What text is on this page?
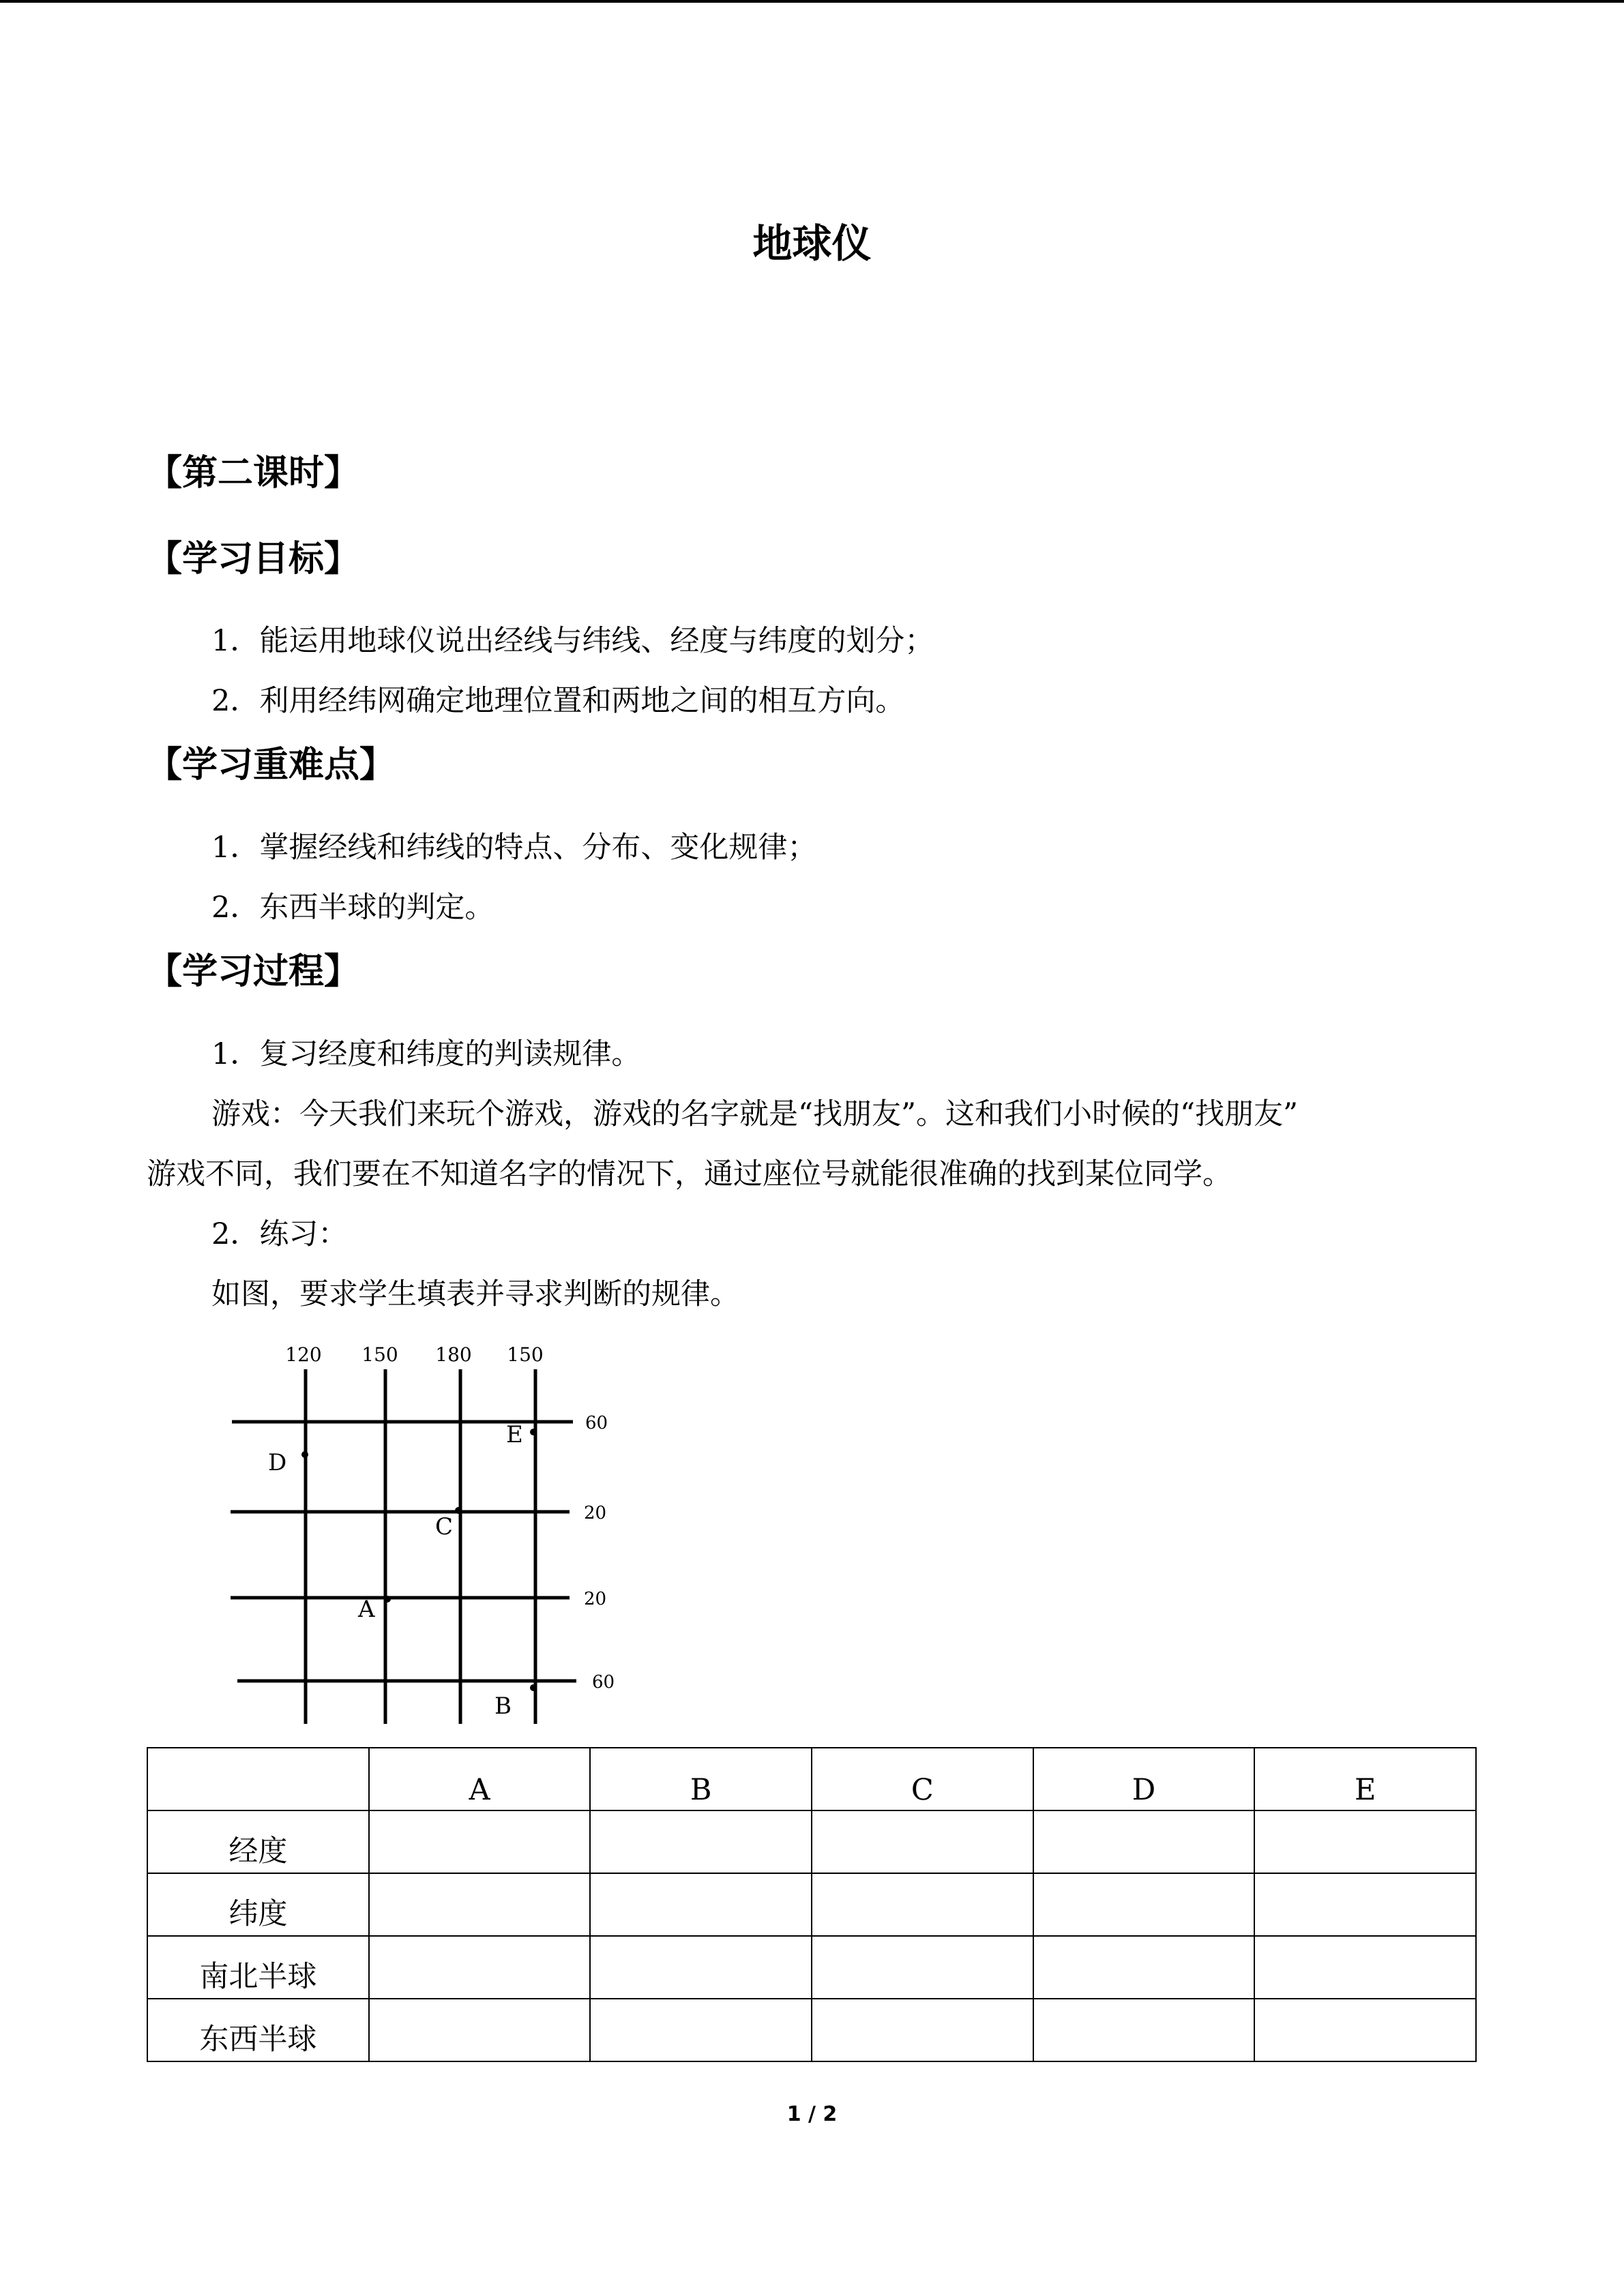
地球仪
【第二课时】
【学习目标】
1．能运用地球仪说出经线与纬线、经度与纬度的划分；
2．利用经纬网确定地理位置和两地之间的相互方向。
【学习重难点】
1．掌握经线和纬线的特点、分布、变化规律；
2．东西半球的判定。
【学习过程】
1．复习经度和纬度的判读规律。
游戏：今天我们来玩个游戏，游戏的名字就是“找朋友”。这和我们小时候的“找朋友”
游戏不同，我们要在不知道名字的情况下，通过座位号就能很准确的找到某位同学。
2．练习：
如图，要求学生填表并寻求判断的规律。
120 150 180 150
60
20
20
60
D
E
C
A
B
	A	B	C	D	E
经度					
纬度					
南北半球					
东西半球					
1 / 2
